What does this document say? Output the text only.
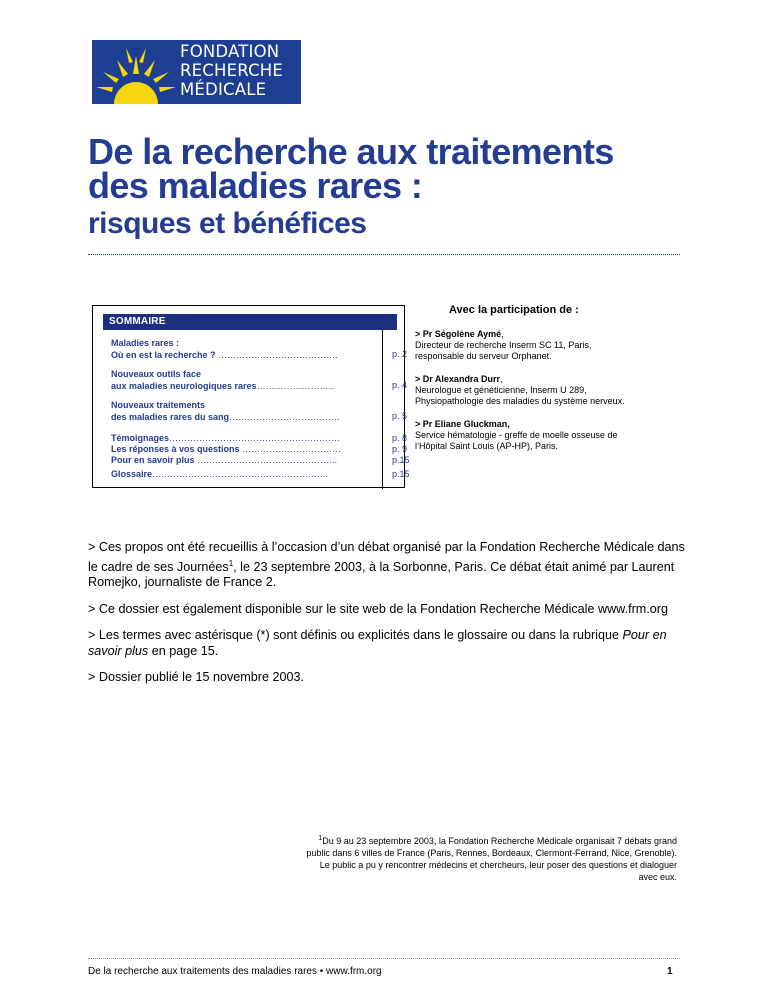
FONDATION
RECHERCHE
MÉDICALE
De la recherche aux traitements
des maladies rares :
risques et bénéfices
SOMMAIRE
Maladies rares :
Où en est la recherche ? ………………………………….	p. 2
Nouveaux outils face
aux maladies neurologiques rares……………………..	p. 4
Nouveaux traitements
des maladies rares du sang……………………………….	p. 5
Témoignages…………………………………………………	p. 8
Les réponses à vos questions ……………………………	p. 9
Pour en savoir plus ………………………………………..	p.15
Glossaire…………………………………………………..	p.15
Avec la participation de :
> Pr Ségolène Aymé,
Directeur de recherche Inserm SC 11, Paris,
responsable du serveur Orphanet.
> Dr Alexandra Durr,
Neurologue et généticienne, Inserm U 289,
Physiopathologie des maladies du système nerveux.
> Pr Eliane Gluckman,
Service hématologie - greffe de moelle osseuse de
l’Hôpital Saint Louis (AP-HP), Paris.

> Ces propos ont été recueillis à l’occasion d’un débat organisé par la Fondation Recherche Médicale dans le cadre de ses Journées$^1$, le 23 septembre 2003, à la Sorbonne, Paris. Ce débat était animé par Laurent Romejko, journaliste de France 2.

> Ce dossier est également disponible sur le site web de la Fondation Recherche Médicale www.frm.org

> Les termes avec astérisque (*) sont définis ou explicités dans le glossaire ou dans la rubrique Pour en savoir plus en page 15.

> Dossier publié le 15 novembre 2003.

$^1$Du 9 au 23 septembre 2003, la Fondation Recherche Médicale organisait 7 débats grand public dans 6 villes de France (Paris, Rennes, Bordeaux, Clermont-Ferrand, Nice, Grenoble). Le public a pu y rencontrer médecins et chercheurs, leur poser des questions et dialoguer avec eux.
De la recherche aux traitements des maladies rares • www.frm.org	1
